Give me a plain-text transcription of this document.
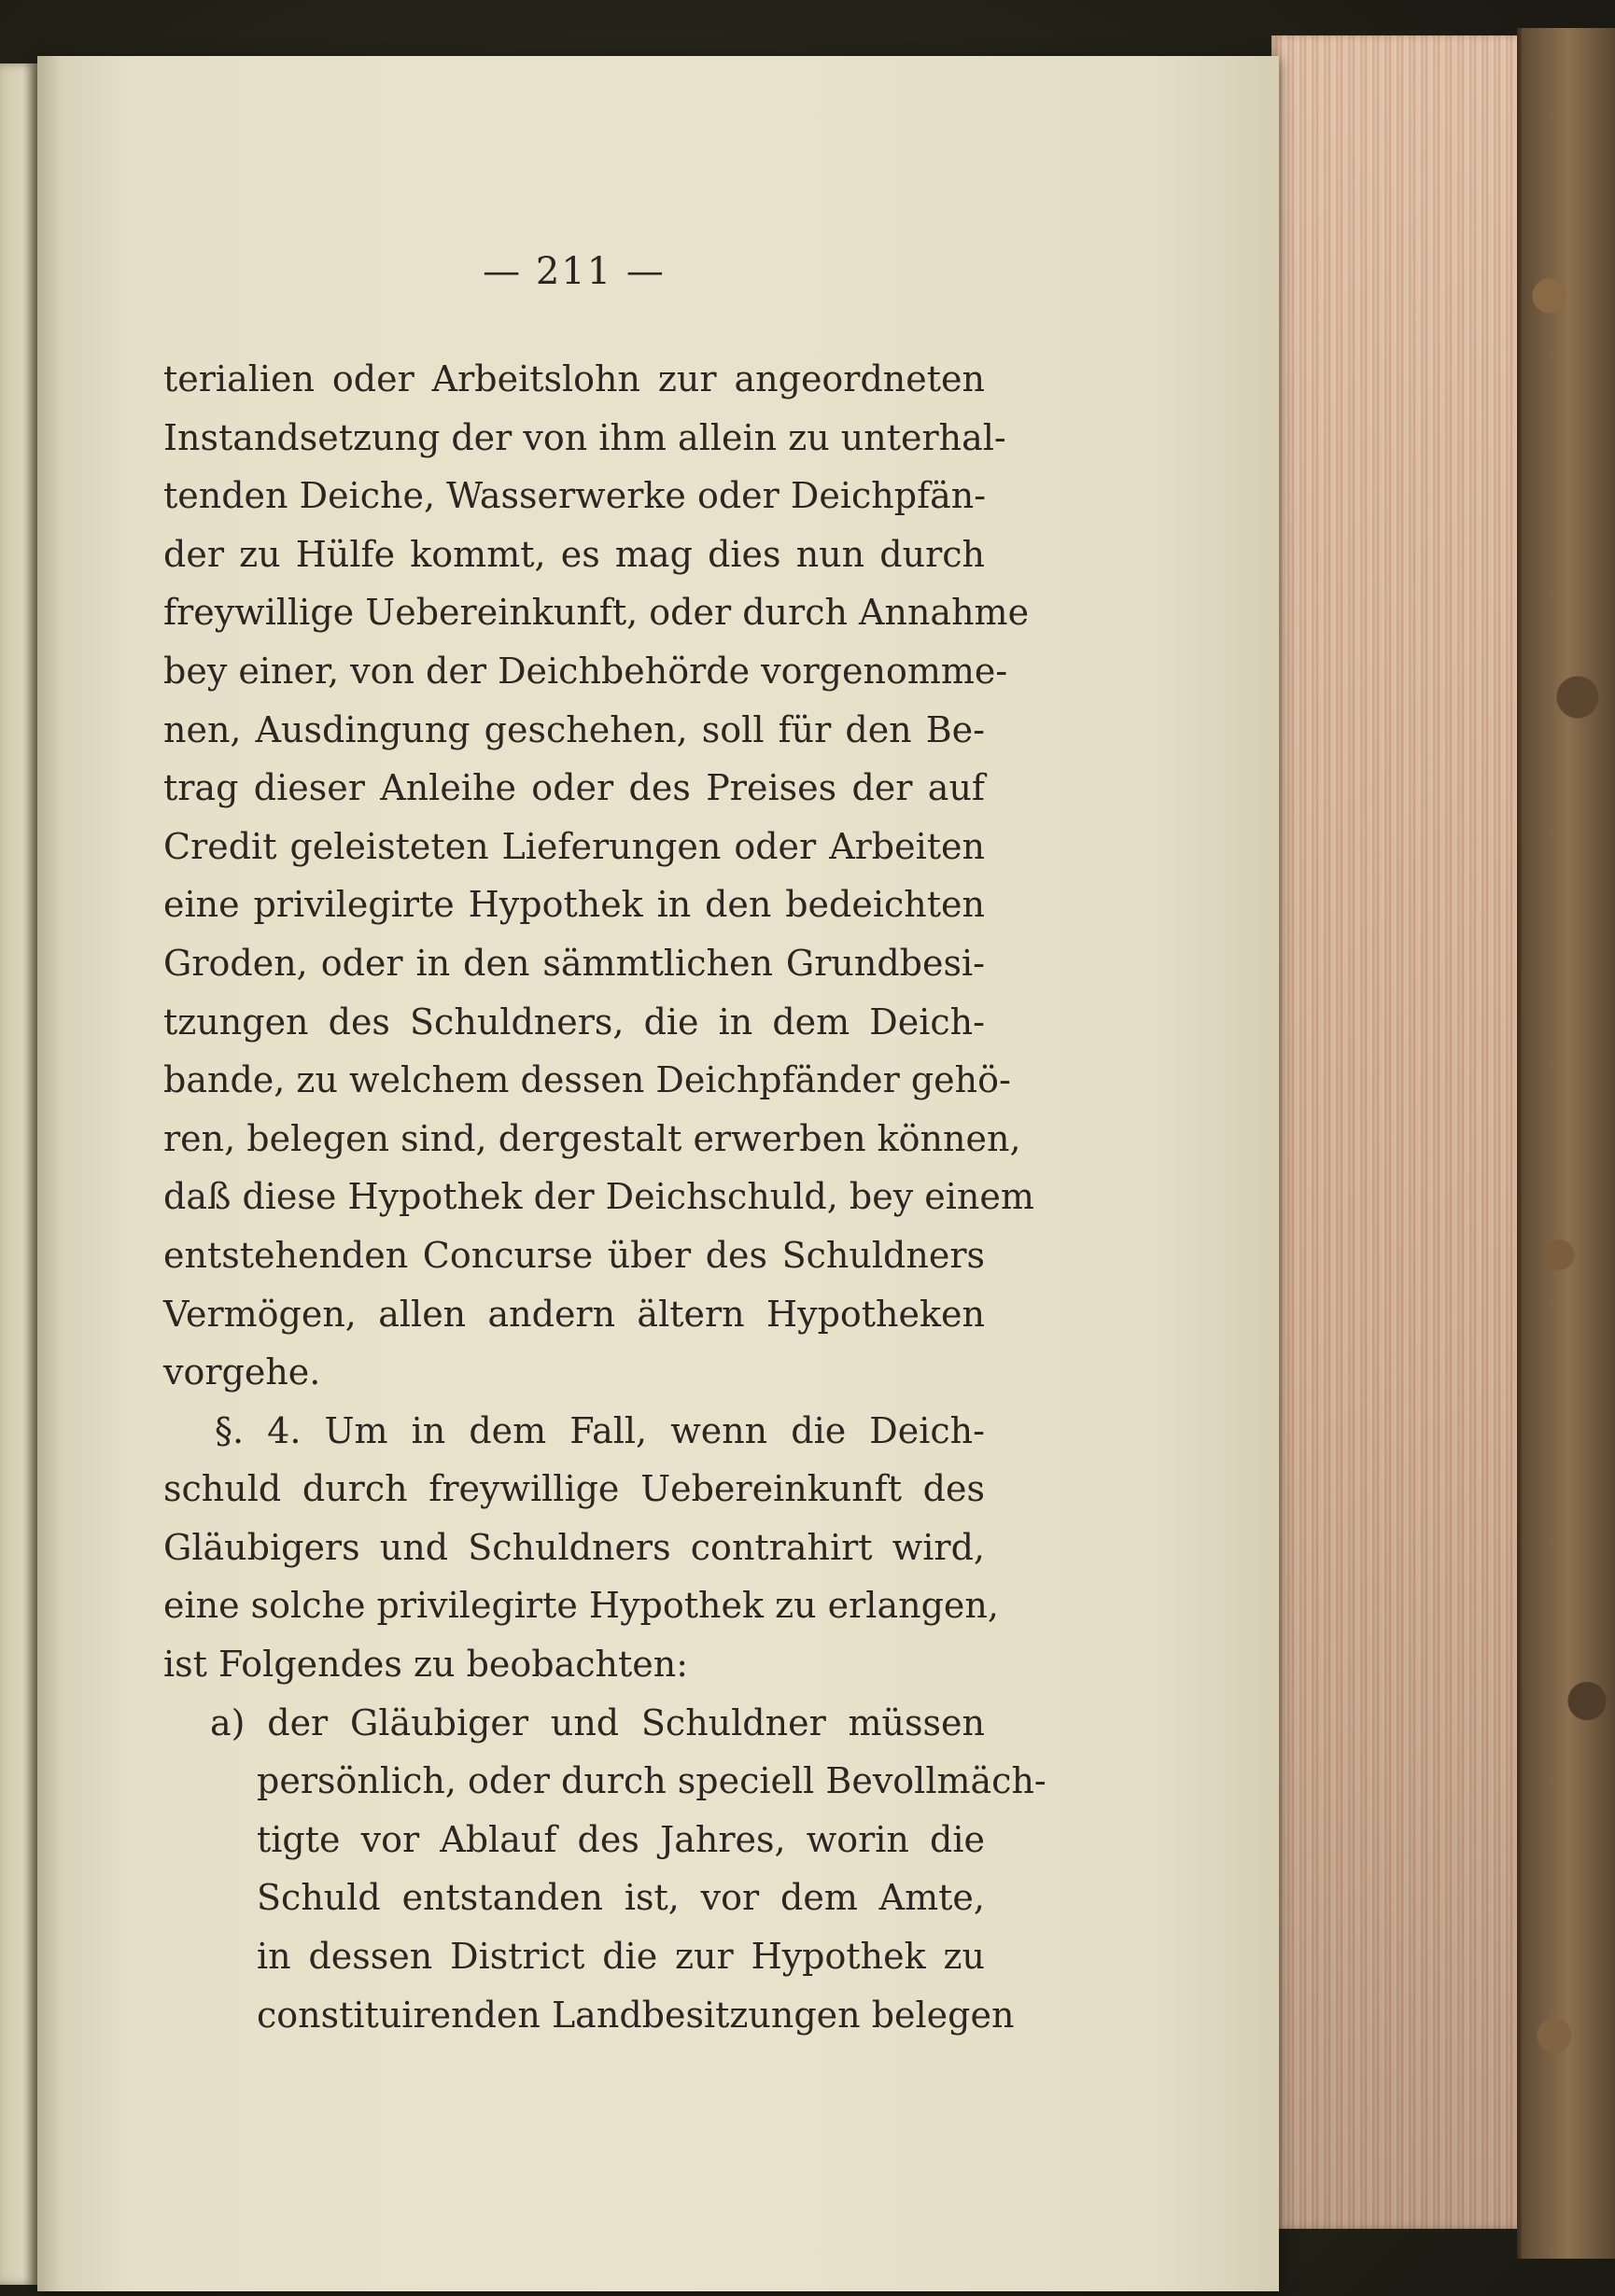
— 211 —
terialien oder Arbeitslohn zur angeordneten
Instandsetzung der von ihm allein zu unterhal-
tenden Deiche, Wasserwerke oder Deichpfän-
der zu Hülfe kommt, es mag dies nun durch
freywillige Uebereinkunft, oder durch Annahme
bey einer, von der Deichbehörde vorgenomme-
nen, Ausdingung geschehen, soll für den Be-
trag dieser Anleihe oder des Preises der auf
Credit geleisteten Lieferungen oder Arbeiten
eine privilegirte Hypothek in den bedeichten
Groden, oder in den sämmtlichen Grundbesi-
tzungen des Schuldners, die in dem Deich-
bande, zu welchem dessen Deichpfänder gehö-
ren, belegen sind, dergestalt erwerben können,
daß diese Hypothek der Deichschuld, bey einem
entstehenden Concurse über des Schuldners
Vermögen, allen andern ältern Hypotheken
vorgehe.
§. 4. Um in dem Fall, wenn die Deich-
schuld durch freywillige Uebereinkunft des
Gläubigers und Schuldners contrahirt wird,
eine solche privilegirte Hypothek zu erlangen,
ist Folgendes zu beobachten:
a) der Gläubiger und Schuldner müssen
persönlich, oder durch speciell Bevollmäch-
tigte vor Ablauf des Jahres, worin die
Schuld entstanden ist, vor dem Amte,
in dessen District die zur Hypothek zu
constituirenden Landbesitzungen belegen
